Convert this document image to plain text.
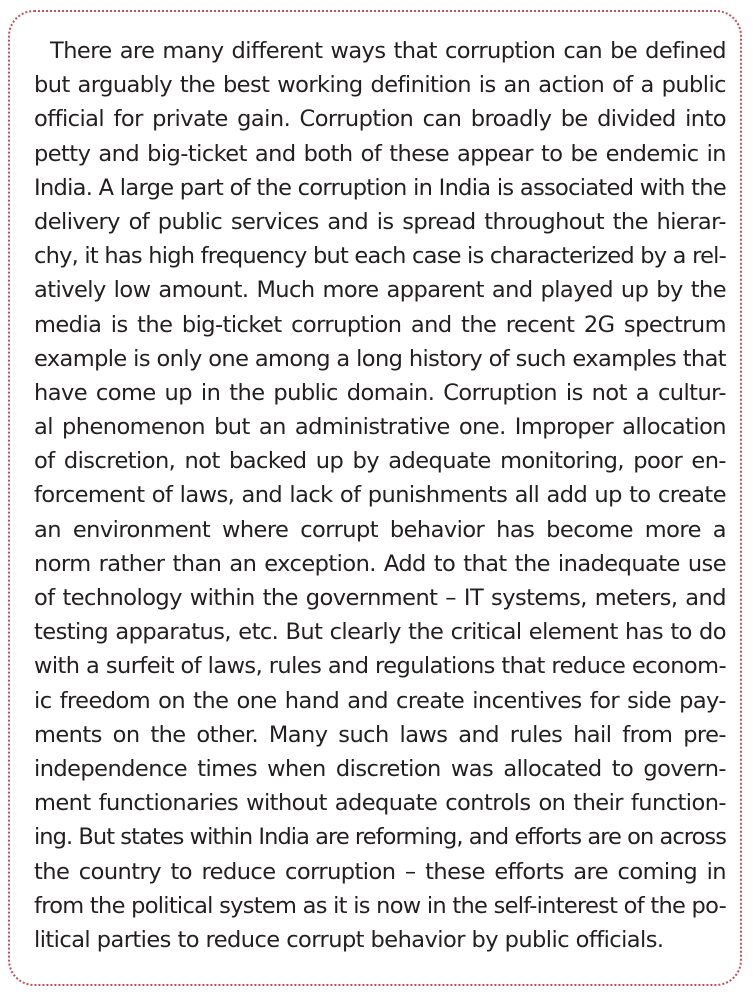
There are many different ways that corruption can be defined
but arguably the best working definition is an action of a public
official for private gain. Corruption can broadly be divided into
petty and big-ticket and both of these appear to be endemic in
India. A large part of the corruption in India is associated with the
delivery of public services and is spread throughout the hierar-
chy, it has high frequency but each case is characterized by a rel-
atively low amount. Much more apparent and played up by the
media is the big-ticket corruption and the recent 2G spectrum
example is only one among a long history of such examples that
have come up in the public domain. Corruption is not a cultur-
al phenomenon but an administrative one. Improper allocation
of discretion, not backed up by adequate monitoring, poor en-
forcement of laws, and lack of punishments all add up to create
an environment where corrupt behavior has become more a
norm rather than an exception. Add to that the inadequate use
of technology within the government – IT systems, meters, and
testing apparatus, etc. But clearly the critical element has to do
with a surfeit of laws, rules and regulations that reduce econom-
ic freedom on the one hand and create incentives for side pay-
ments on the other. Many such laws and rules hail from pre-
independence times when discretion was allocated to govern-
ment functionaries without adequate controls on their function-
ing. But states within India are reforming, and efforts are on across
the country to reduce corruption – these efforts are coming in
from the political system as it is now in the self-interest of the po-
litical parties to reduce corrupt behavior by public officials.
